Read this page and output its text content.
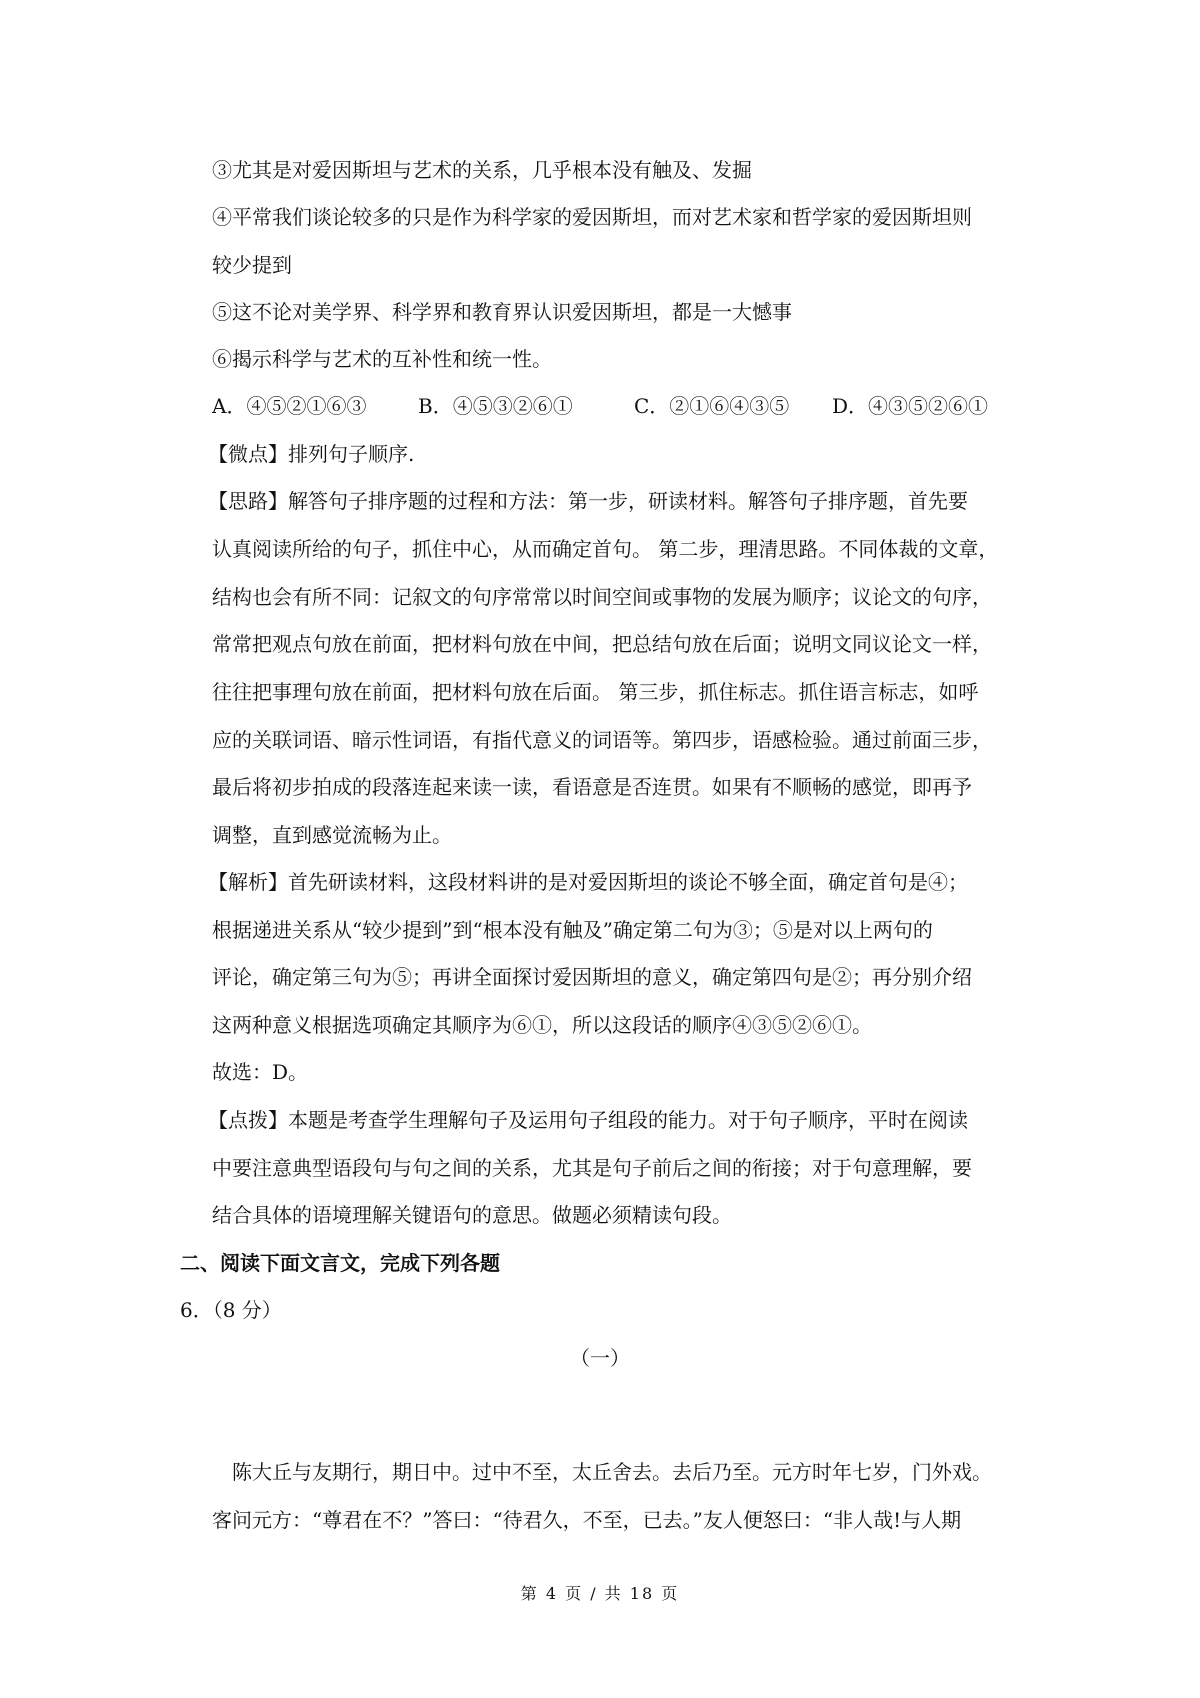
③尤其是对爱因斯坦与艺术的关系，几乎根本没有触及、发掘
④平常我们谈论较多的只是作为科学家的爱因斯坦，而对艺术家和哲学家的爱因斯坦则
较少提到
⑤这不论对美学界、科学界和教育界认识爱因斯坦，都是一大憾事
⑥揭示科学与艺术的互补性和统一性。
A．④⑤②①⑥③	B．④⑤③②⑥①	C．②①⑥④③⑤ D．④③⑤②⑥①
【微点】排列句子顺序.
【思路】解答句子排序题的过程和方法：第一步，研读材料。解答句子排序题，首先要
认真阅读所给的句子，抓住中心，从而确定首句。 第二步，理清思路。不同体裁的文章，
结构也会有所不同：记叙文的句序常常以时间空间或事物的发展为顺序；议论文的句序，
常常把观点句放在前面，把材料句放在中间，把总结句放在后面；说明文同议论文一样，
往往把事理句放在前面，把材料句放在后面。 第三步，抓住标志。抓住语言标志，如呼
应的关联词语、暗示性词语，有指代意义的词语等。第四步，语感检验。通过前面三步，
最后将初步拍成的段落连起来读一读，看语意是否连贯。如果有不顺畅的感觉，即再予
调整，直到感觉流畅为止。
【解析】首先研读材料，这段材料讲的是对爱因斯坦的谈论不够全面，确定首句是④；
根据递进关系从“较少提到”到“根本没有触及”确定第二句为③；⑤是对以上两句的
评论，确定第三句为⑤；再讲全面探讨爱因斯坦的意义，确定第四句是②；再分别介绍
这两种意义根据选项确定其顺序为⑥①，所以这段话的顺序④③⑤②⑥①。
故选：D。
【点拨】本题是考查学生理解句子及运用句子组段的能力。对于句子顺序，平时在阅读
中要注意典型语段句与句之间的关系，尤其是句子前后之间的衔接；对于句意理解，要
结合具体的语境理解关键语句的意思。做题必须精读句段。
二、阅读下面文言文，完成下列各题
6．（8 分）
（一）
陈大丘与友期行，期日中。过中不至，太丘舍去。去后乃至。元方时年七岁，门外戏。
客问元方：“尊君在不？”答曰：“待君久，不至，已去。”友人便怒曰：“非人哉!与人期
第 4 页 / 共 18 页
